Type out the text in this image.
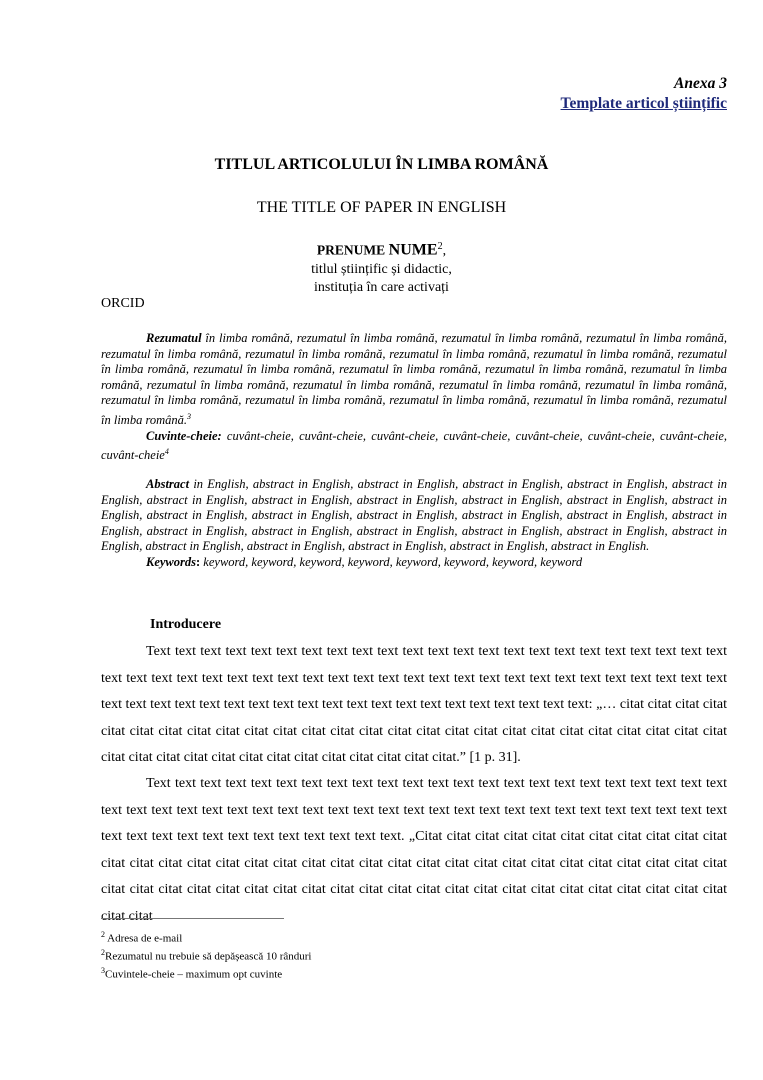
Anexa 3
Template articol științific
TITLUL ARTICOLULUI ÎN LIMBA ROMÂNĂ
THE TITLE OF PAPER IN ENGLISH
PRENUME NUME$^2$,
titlul științific și didactic,
instituția în care activați
ORCID

Rezumatul în limba română, rezumatul în limba română, rezumatul în limba română, rezumatul în limba română, rezumatul în limba română, rezumatul în limba română, rezumatul în limba română, rezumatul în limba română, rezumatul în limba română, rezumatul în limba română, rezumatul în limba română, rezumatul în limba română, rezumatul în limba română, rezumatul în limba română, rezumatul în limba română, rezumatul în limba română, rezumatul în limba română, rezumatul în limba română, rezumatul în limba română, rezumatul în limba română, rezumatul în limba română, rezumatul în limba română.$^3$

Cuvinte-cheie: cuvânt-cheie, cuvânt-cheie, cuvânt-cheie, cuvânt-cheie, cuvânt-cheie, cuvânt-cheie, cuvânt-cheie, cuvânt-cheie$^4$

Abstract in English, abstract in English, abstract in English, abstract in English, abstract in English, abstract in English, abstract in English, abstract in English, abstract in English, abstract in English, abstract in English, abstract in English, abstract in English, abstract in English, abstract in English, abstract in English, abstract in English, abstract in English, abstract in English, abstract in English, abstract in English, abstract in English, abstract in English, abstract in English, abstract in English, abstract in English, abstract in English, abstract in English, abstract in English.

Keywords: keyword, keyword, keyword, keyword, keyword, keyword, keyword, keyword

Introducere

Text text text text text text text text text text text text text text text text text text text text text text text text text text text text text text text text text text text text text text text text text text text text text text text text text text text text text text text text text text text text text text text text text text text text: „… citat citat citat citat citat citat citat citat citat citat citat citat citat citat citat citat citat citat citat citat citat citat citat citat citat citat citat citat citat citat citat citat citat citat citat citat citat citat citat.” [1 p. 31].

Text text text text text text text text text text text text text text text text text text text text text text text text text text text text text text text text text text text text text text text text text text text text text text text text text text text text text text text text text text text text. „Citat citat citat citat citat citat citat citat citat citat citat citat citat citat citat citat citat citat citat citat citat citat citat citat citat citat citat citat citat citat citat citat citat citat citat citat citat citat citat citat citat citat citat citat citat citat citat citat citat citat citat citat citat citat citat citat citat

$^2$ Adresa de e-mail
$^2$Rezumatul nu trebuie să depășească 10 rânduri
$^3$Cuvintele-cheie – maximum opt cuvinte
